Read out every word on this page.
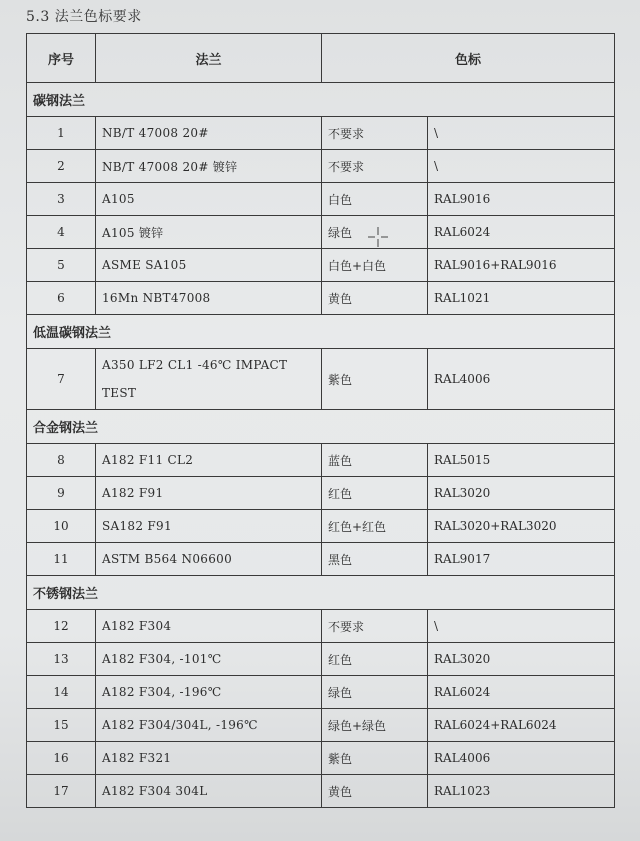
5.3 法兰色标要求
序号	法兰	色标	
碳钢法兰			
1	NB/T 47008 20#	不要求	\
2	NB/T 47008 20# 镀锌	不要求	\
3	A105	白色	RAL9016
4	A105 镀锌	绿色	RAL6024
5	ASME SA105	白色+白色	RAL9016+RAL9016
6	16Mn NBT47008	黄色	RAL1021
低温碳钢法兰			
7	A350 LF2 CL1 -46℃ IMPACT TEST	紫色	RAL4006
合金钢法兰			
8	A182 F11 CL2	蓝色	RAL5015
9	A182 F91	红色	RAL3020
10	SA182 F91	红色+红色	RAL3020+RAL3020
11	ASTM B564 N06600	黑色	RAL9017
不锈钢法兰			
12	A182 F304	不要求	\
13	A182 F304, -101℃	红色	RAL3020
14	A182 F304, -196℃	绿色	RAL6024
15	A182 F304/304L, -196℃	绿色+绿色	RAL6024+RAL6024
16	A182 F321	紫色	RAL4006
17	A182 F304 304L	黄色	RAL1023
